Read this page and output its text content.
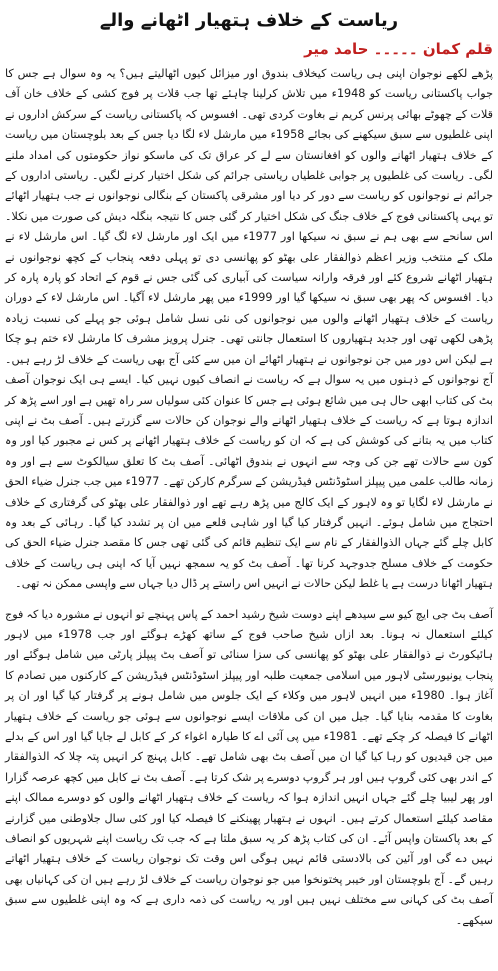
ریاست کے خلاف ہتھیار اٹھانے والے
قلم کمان ۔۔۔۔۔ حامد میر

پڑھے لکھے نوجوان اپنی ہی ریاست کیخلاف بندوق اور میزائل کیوں اٹھالیتے ہیں؟ یہ وہ سوال ہے جس کا جواب پاکستانی ریاست کو 1948ء میں تلاش کرلینا چاہئے تھا جب قلات پر فوج کشی کے خلاف خان آف قلات کے چھوٹے بھائی پرنس کریم نے بغاوت کردی تھی۔ افسوس کہ پاکستانی ریاست کے سرکش اداروں نے اپنی غلطیوں سے سبق سیکھنے کی بجائے 1958ء میں مارشل لاء لگا دیا جس کے بعد بلوچستان میں ریاست کے خلاف ہتھیار اٹھانے والوں کو افغانستان سے لے کر عراق تک کی ماسکو نواز حکومتوں کی امداد ملنے لگی۔ ریاست کی غلطیوں پر جوابی غلطیاں ریاستی جرائم کی شکل اختیار کرنے لگیں۔ ریاستی اداروں کے جرائم نے نوجوانوں کو ریاست سے دور کر دیا اور مشرقی پاکستان کے بنگالی نوجوانوں نے جب ہتھیار اٹھائے تو یہی پاکستانی فوج کے خلاف جنگ کی شکل اختیار کر گئی جس کا نتیجہ بنگلہ دیش کی صورت میں نکلا۔ اس سانحے سے بھی ہم نے سبق نہ سیکھا اور 1977ء میں ایک اور مارشل لاء لگ گیا۔ اس مارشل لاء نے ملک کے منتخب وزیر اعظم ذوالفقار علی بھٹو کو پھانسی دی تو پہلی دفعہ پنجاب کے کچھ نوجوانوں نے ہتھیار اٹھانے شروع کئے اور فرقہ وارانہ سیاست کی آبیاری کی گئی جس نے قوم کے اتحاد کو پارہ پارہ کر دیا۔ افسوس کہ پھر بھی سبق نہ سیکھا گیا اور 1999ء میں پھر مارشل لاء آگیا۔ اس مارشل لاء کے دوران ریاست کے خلاف ہتھیار اٹھانے والوں میں نوجوانوں کی نئی نسل شامل ہوئی جو پہلے کی نسبت زیادہ پڑھی لکھی تھی اور جدید ہتھیاروں کا استعمال جانتی تھی۔ جنرل پرویز مشرف کا مارشل لاء ختم ہو چکا ہے لیکن اس دور میں جن نوجوانوں نے ہتھیار اٹھائے ان میں سے کئی آج بھی ریاست کے خلاف لڑ رہے ہیں۔ آج نوجوانوں کے ذہنوں میں یہ سوال ہے کہ ریاست نے انصاف کیوں نہیں کیا۔ ایسے ہی ایک نوجوان آصف بٹ کی کتاب ابھی حال ہی میں شائع ہوئی ہے جس کا عنوان کئی سولیاں سر راہ تھیں ہے اور اسے پڑھ کر اندازہ ہوتا ہے کہ ریاست کے خلاف ہتھیار اٹھانے والے نوجوان کن حالات سے گزرتے ہیں۔ آصف بٹ نے اپنی کتاب میں یہ بتانے کی کوشش کی ہے کہ ان کو ریاست کے خلاف ہتھیار اٹھانے پر کس نے مجبور کیا اور وہ کون سے حالات تھے جن کی وجہ سے انہوں نے بندوق اٹھائی۔ آصف بٹ کا تعلق سیالکوٹ سے ہے اور وہ زمانہ طالب علمی میں پیپلز اسٹوڈنٹس فیڈریشن کے سرگرم کارکن تھے۔ 1977ء میں جب جنرل ضیاء الحق نے مارشل لاء لگایا تو وہ لاہور کے ایک کالج میں پڑھ رہے تھے اور ذوالفقار علی بھٹو کی گرفتاری کے خلاف احتجاج میں شامل ہوئے۔ انہیں گرفتار کیا گیا اور شاہی قلعے میں ان پر تشدد کیا گیا۔ رہائی کے بعد وہ کابل چلے گئے جہاں الذوالفقار کے نام سے ایک تنظیم قائم کی گئی تھی جس کا مقصد جنرل ضیاء الحق کی حکومت کے خلاف مسلح جدوجہد کرنا تھا۔ آصف بٹ کو یہ سمجھ نہیں آیا کہ اپنی ہی ریاست کے خلاف ہتھیار اٹھانا درست ہے یا غلط لیکن حالات نے انہیں اس راستے پر ڈال دیا جہاں سے واپسی ممکن نہ تھی۔

آصف بٹ جی ایچ کیو سے سیدھے اپنے دوست شیخ رشید احمد کے پاس پہنچے تو انہوں نے مشورہ دیا کہ فوج کیلئے استعمال نہ ہونا۔ بعد ازاں شیخ صاحب فوج کے ساتھ کھڑے ہوگئے اور جب 1978ء میں لاہور ہائیکورٹ نے ذوالفقار علی بھٹو کو پھانسی کی سزا سنائی تو آصف بٹ پیپلز پارٹی میں شامل ہوگئے اور پنجاب یونیورسٹی لاہور میں اسلامی جمعیت طلبہ اور پیپلز اسٹوڈنٹس فیڈریشن کے کارکنوں میں تصادم کا آغاز ہوا۔ 1980ء میں انہیں لاہور میں وکلاء کے ایک جلوس میں شامل ہونے پر گرفتار کیا گیا اور ان پر بغاوت کا مقدمہ بنایا گیا۔ جیل میں ان کی ملاقات ایسے نوجوانوں سے ہوئی جو ریاست کے خلاف ہتھیار اٹھانے کا فیصلہ کر چکے تھے۔ 1981ء میں پی آئی اے کا طیارہ اغواء کر کے کابل لے جایا گیا اور اس کے بدلے میں جن قیدیوں کو رہا کیا گیا ان میں آصف بٹ بھی شامل تھے۔ کابل پہنچ کر انہیں پتہ چلا کہ الذوالفقار کے اندر بھی کئی گروپ ہیں اور ہر گروپ دوسرے پر شک کرتا ہے۔ آصف بٹ نے کابل میں کچھ عرصہ گزارا اور پھر لیبیا چلے گئے جہاں انہیں اندازہ ہوا کہ ریاست کے خلاف ہتھیار اٹھانے والوں کو دوسرے ممالک اپنے مقاصد کیلئے استعمال کرتے ہیں۔ انہوں نے ہتھیار پھینکنے کا فیصلہ کیا اور کئی سال جلاوطنی میں گزارنے کے بعد پاکستان واپس آئے۔ ان کی کتاب پڑھ کر یہ سبق ملتا ہے کہ جب تک ریاست اپنے شہریوں کو انصاف نہیں دے گی اور آئین کی بالادستی قائم نہیں ہوگی اس وقت تک نوجوان ریاست کے خلاف ہتھیار اٹھاتے رہیں گے۔ آج بلوچستان اور خیبر پختونخوا میں جو نوجوان ریاست کے خلاف لڑ رہے ہیں ان کی کہانیاں بھی آصف بٹ کی کہانی سے مختلف نہیں ہیں اور یہ ریاست کی ذمہ داری ہے کہ وہ اپنی غلطیوں سے سبق سیکھے۔
